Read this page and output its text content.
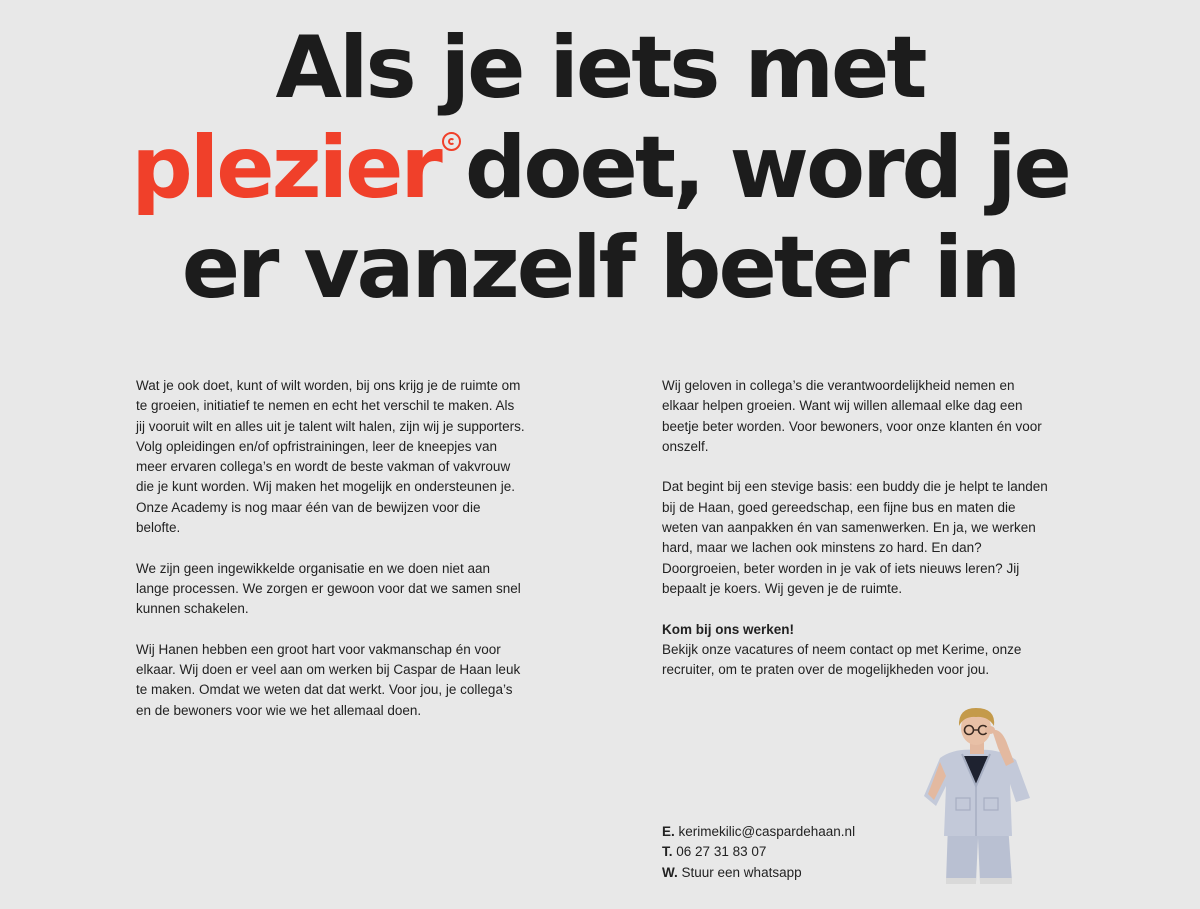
Als je iets met
plezier doet, word je
er vanzelf beter in

Wat je ook doet, kunt of wilt worden, bij ons krijg je de ruimte om te groeien, initiatief te nemen en echt het verschil te maken. Als jij vooruit wilt en alles uit je talent wilt halen, zijn wij je supporters. Volg opleidingen en/of opfristrainingen, leer de kneepjes van meer ervaren collega’s en wordt de beste vakman of vakvrouw die je kunt worden. Wij maken het mogelijk en ondersteunen je. Onze Academy is nog maar één van de bewijzen voor die belofte.

We zijn geen ingewikkelde organisatie en we doen niet aan lange processen. We zorgen er gewoon voor dat we samen snel kunnen schakelen.

Wij Hanen hebben een groot hart voor vakmanschap én voor elkaar. Wij doen er veel aan om werken bij Caspar de Haan leuk te maken. Omdat we weten dat dat werkt. Voor jou, je collega’s en de bewoners voor wie we het allemaal doen.

Wij geloven in collega’s die verantwoordelijkheid nemen en elkaar helpen groeien. Want wij willen allemaal elke dag een beetje beter worden. Voor bewoners, voor onze klanten én voor onszelf.

Dat begint bij een stevige basis: een buddy die je helpt te landen bij de Haan, goed gereedschap, een fijne bus en maten die weten van aanpakken én van samenwerken. En ja, we werken hard, maar we lachen ook minstens zo hard. En dan? Doorgroeien, beter worden in je vak of iets nieuws leren? Jij bepaalt je koers. Wij geven je de ruimte.

Kom bij ons werken!
Bekijk onze vacatures of neem contact op met Kerime, onze recruiter, om te praten over de mogelijkheden voor jou.

E. kerimekilic@caspardehaan.nl
T. 06 27 31 83 07
W. Stuur een whatsapp
